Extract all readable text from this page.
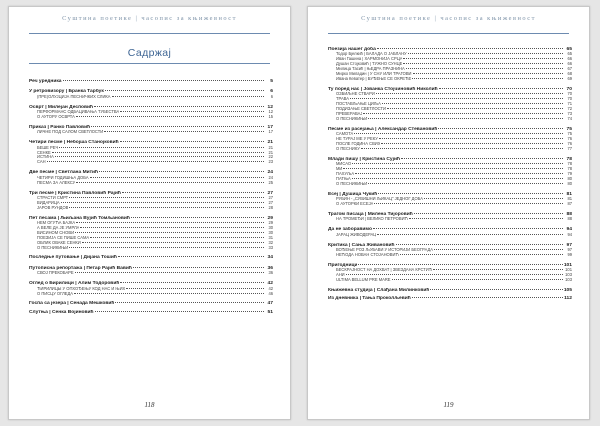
Суштина поетике | часопис за књижевност
Садржај
Реч уредника	5
У ретровизору | Бранка Тарбук	6
(ПРЕ)ОЛУЈЦИЈА ПЕСНИЧКИХ СЛИКА	6
Осврт | Милејан Десповић	12
ПЕРФОРМАНС ОДБАЦИВАЊА ТУБЕСТВА	12
О АУТОРУ ОСВРТА	15
Приказ | Ранко Павловић	17
ЛИЧНЕ ПОД САЛОМ СВЕТЛОСТИ	17
Четири песме | Небојша Станојковић	21
БЕШЕ РЕЧ	21
СЕНКЕ	21
ИСТИНА	22
САН	23
Две песме | Светлана Митић	24
ЧЕТИРИ ГОДИШЊА ДОБА	24
ПЕСМА ЗА АЛЕКСУ	25
Три песме | Кристина Павловић Рајић	27
СТРАСТИ СМРТ	27
ВИДАРИЦА	27
ЈАРОВ РУНДОВ	28
Пет песама | Љиљана Вујић Томљановић	29
НЕМ ОГУЋА БАЈКА	29
А ВЕЛЕ ДА ЈЕ УМРЛА	30
ВИСИНОМ СНОВИ	30
ПОЕЗИЈА СЕ ПИШЕ САМА	31
ОБЛИК ОВАКЕ СЕНКИ	32
О ПЕСНИКИЊИ	33
Последње путовање | Дијана Тошић	34
Путописна репортажа | Петар Рајић Вавић	36
СВОЈ ПРЕКОБАРЕ	36
Оглед о Бирилици | Алим Тодоровић	42
ЋИРИЛИЦЫ У ОПХОЂЕЊУ КОД НАС И ЊИХ	42
О ПИСЦУ ОГЛЕДА	46
Госпа са језера | Сенада Мешковић	47
Слутња | Сенка Војиновић	51
118
Суштина поетике | часопис за књижевност
Поезија нашег доба	65
Тодор Бјелкић | БАЛАДА О ЈАБЛАНУ	65
Иван Гашина | ХАРМОНИЈА СРЦА	66
Душан Стојковић | ТУЖНО СУНЦЕ	66
Милица Тасић | ЊЕДРА ПРАЗНИНА	67
Мирко Миладин | У СНУ ИЛИ ТРАГОВИ	68
Ивана Кеватер | БУЂЕЊЕ СЕ ОКРЕЋЕ	69
Ту поред нас | Јованка Стојчиновић Николић	70
ОЗБИЉНЕ СТВАРИ	70
ТРАВА	70
ПОСТАВЉАЊЕ ЦИЉА	71
ПОДИЗАЊЕ СВЕТЛОСТИ	72
ПРЕВЕРАВАЈ	73
О ПЕСНИКИЊИ	74
Песме из расејања | Александар Стевановић	75
САМОТА	75
НЕ ТУРАЈ МЕ У РЕКУ	76
ПОСЛЕ ГОДИНА СВИХ	76
О ПЕСНИКУ	77
Млади пишу | Кристина Сујић	78
МИСАО	78
МИ	78
ПАХУЉА	79
ПАТЊА	80
О ПЕСНИКИЊИ	80
Есеј | Душица Чукић	81
РУБИН - „СУВИШНИ ЉИКАЦ“ ЈЕДНОГ ДОБА	81
О АУТОРКИ ЕСЕЈА	87
Трагом писаца | Милена Тијоровић	88
НА ТРОМЕЂИ | ВЕЛИКО ПЕТРОВИЋ	88
Да не заборавимо	94
ЈАРАЦ ЖИВОДЕРАЦ	94
Критика | Сања Живановић	97
ВОЂЕЊЕ РОЗ ЉУБАВИ У ИСТОРИЈИ БЕОГРАДА	97
НЕЋОДА НОВАН СТОЈАНОВИЋ	99
Пригодници	101
БЕСКРАЈНОСТ НА ДОХВАТ | ЗВЕЗДАНА КРСТИЋ	101
АНИ	103
ULTIMA BELLUM PRE MARE	103
Књижевна студија | Слађана Милинковић	105
Из дневника | Тања Проколљевић	112
119
